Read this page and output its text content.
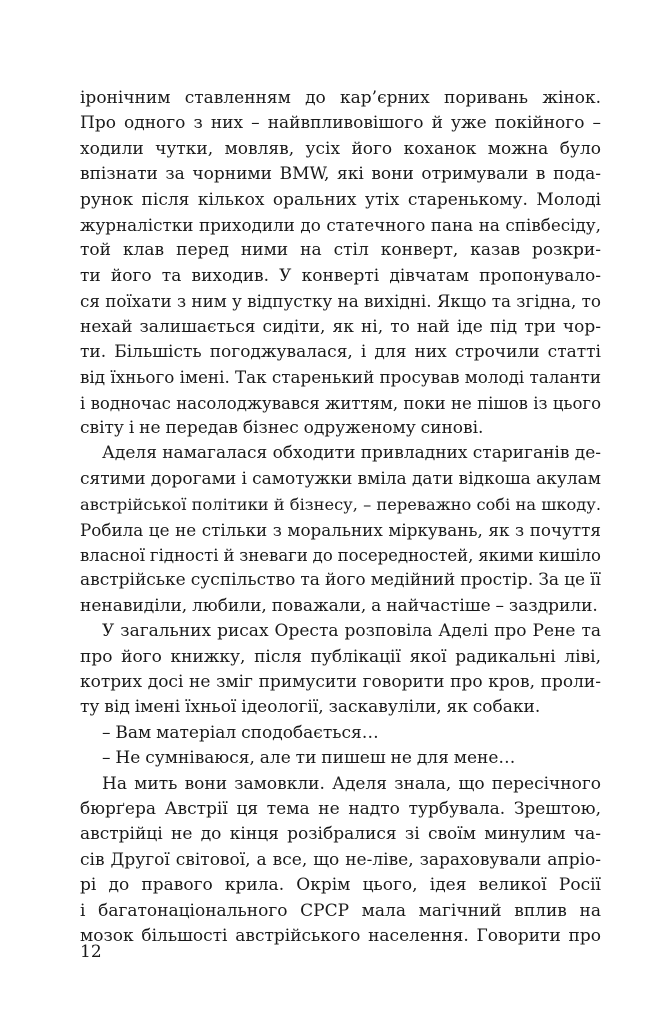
іронічним ставленням до кар’єрних поривань жінок.
Про одного з них – найвпливовішого й уже покійного –
ходили чутки, мовляв, усіх його коханок можна було
впізнати за чорними BMW, які вони отримували в пода-
рунок після кількох оральних утіх старенькому. Молоді
журналістки приходили до статечного пана на співбесіду,
той клав перед ними на стіл конверт, казав розкри-
ти його та виходив. У конверті дівчатам пропонувало-
ся поїхати з ним у відпустку на вихідні. Якщо та згідна, то
нехай залишається сидіти, як ні, то най іде під три чор-
ти. Більшість погоджувалася, і для них строчили статті
від їхнього імені. Так старенький просував молоді таланти
і водночас насолоджувався життям, поки не пішов із цього
світу і не передав бізнес одруженому синові.
Аделя намагалася обходити привладних стариганів де-
сятими дорогами і самотужки вміла дати відкоша акулам
австрійської політики й бізнесу, – переважно собі на шкоду.
Робила це не стільки з моральних міркувань, як з почуття
власної гідності й зневаги до посередностей, якими кишіло
австрійське суспільство та його медійний простір. За це її
ненавиділи, любили, поважали, а найчастіше – заздрили.
У загальних рисах Ореста розповіла Аделі про Рене та
про його книжку, після публікації якої радикальні ліві,
котрих досі не зміг примусити говорити про кров, проли-
ту від імені їхньої ідеології, заскавуліли, як собаки.
– Вам матеріал сподобається…
– Не сумніваюся, але ти пишеш не для мене…
На мить вони замовкли. Аделя знала, що пересічного
бюрґера Австрії ця тема не надто турбувала. Зрештою,
австрійці не до кінця розібралися зі своїм минулим ча-
сів Другої світової, а все, що не-ліве, зараховували апріо-
рі до правого крила. Окрім цього, ідея великої Росії
і багатонаціонального СРСР мала магічний вплив на
мозок більшості австрійського населення. Говорити про
12
